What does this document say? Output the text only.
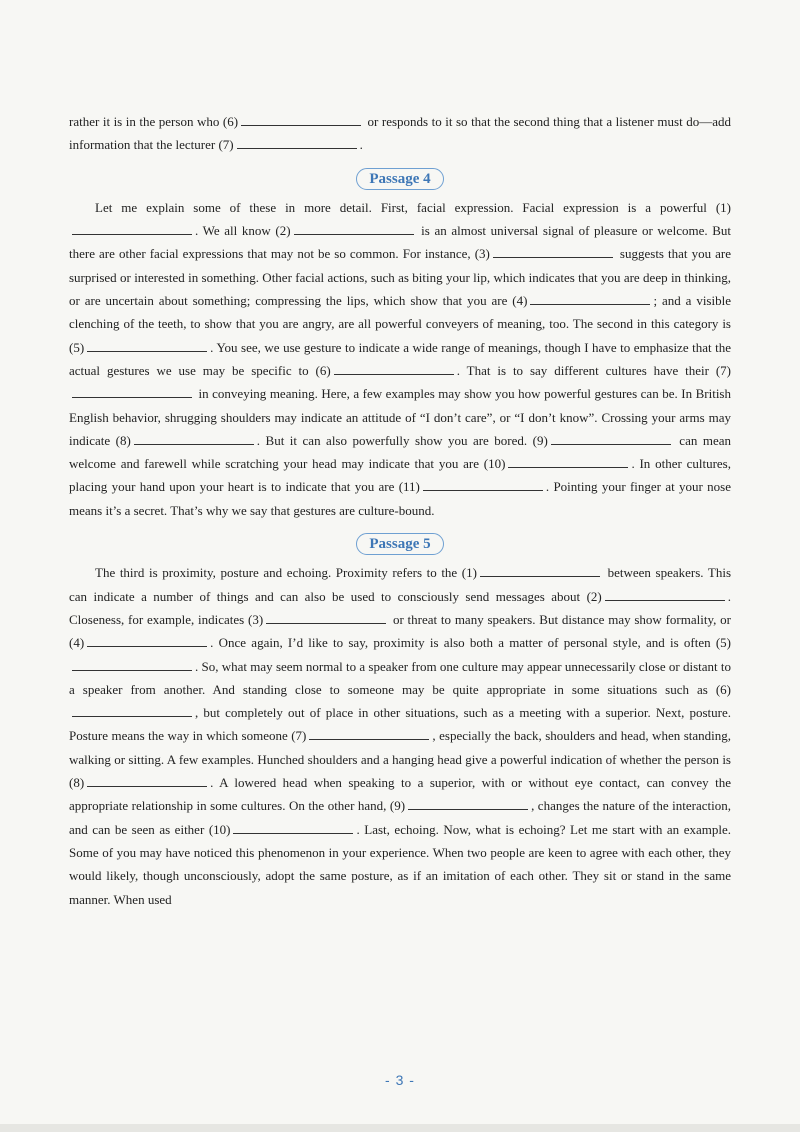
rather it is in the person who (6)	or responds to it so that the second thing that a listener must do—add information that the lecturer (7)	.

Passage 4

Let me explain some of these in more detail. First, facial expression. Facial expression is a powerful (1). We all know (2)	is an almost universal signal of pleasure or welcome. But there are other facial expressions that may not be so common. For instance, (3)	suggests that you are surprised or interested in something. Other facial actions, such as biting your lip, which indicates that you are deep in thinking, or are uncertain about something; compressing the lips, which show that you are (4)	; and a visible clenching of the teeth, to show that you are angry, are all powerful conveyers of meaning, too. The second in this category is (5)	. You see, we use gesture to indicate a wide range of meanings, though I have to emphasize that the actual gestures we use may be specific to (6)	. That is to say different cultures have their (7) in conveying meaning. Here, a few examples may show you how powerful gestures can be. In British English behavior, shrugging shoulders may indicate an attitude of “I don’t care”, or “I don’t know”. Crossing your arms may indicate (8)	. But it can also powerfully show you are bored. (9)	can mean welcome and farewell while scratching your head may indicate that you are (10)	. In other cultures, placing your hand upon your heart is to indicate that you are (11)	. Pointing your finger at your nose means it’s a secret. That’s why we say that gestures are culture-bound.

Passage 5

The third is proximity, posture and echoing. Proximity refers to the (1)	between speakers. This can indicate a number of things and can also be used to consciously send messages about (2)	. Closeness, for example, indicates (3)	or threat to many speakers. But distance may show formality, or (4)	. Once again, I’d like to say, proximity is also both a matter of personal style, and is often (5). So, what may seem normal to a speaker from one culture may appear unnecessarily close or distant to a speaker from another. And standing close to someone may be quite appropriate in some situations such as (6), but completely out of place in other situations, such as a meeting with a superior. Next, posture. Posture means the way in which someone (7)	, especially the back, shoulders and head, when standing, walking or sitting. A few examples. Hunched shoulders and a hanging head give a powerful indication of whether the person is (8)	. A lowered head when speaking to a superior, with or without eye contact, can convey the appropriate relationship in some cultures. On the other hand, (9)	, changes the nature of the interaction, and can be seen as either (10)	. Last, echoing. Now, what is echoing? Let me start with an example. Some of you may have noticed this phenomenon in your experience. When two people are keen to agree with each other, they would likely, though unconsciously, adopt the same posture, as if an imitation of each other. They sit or stand in the same manner. When used

- 3 -
